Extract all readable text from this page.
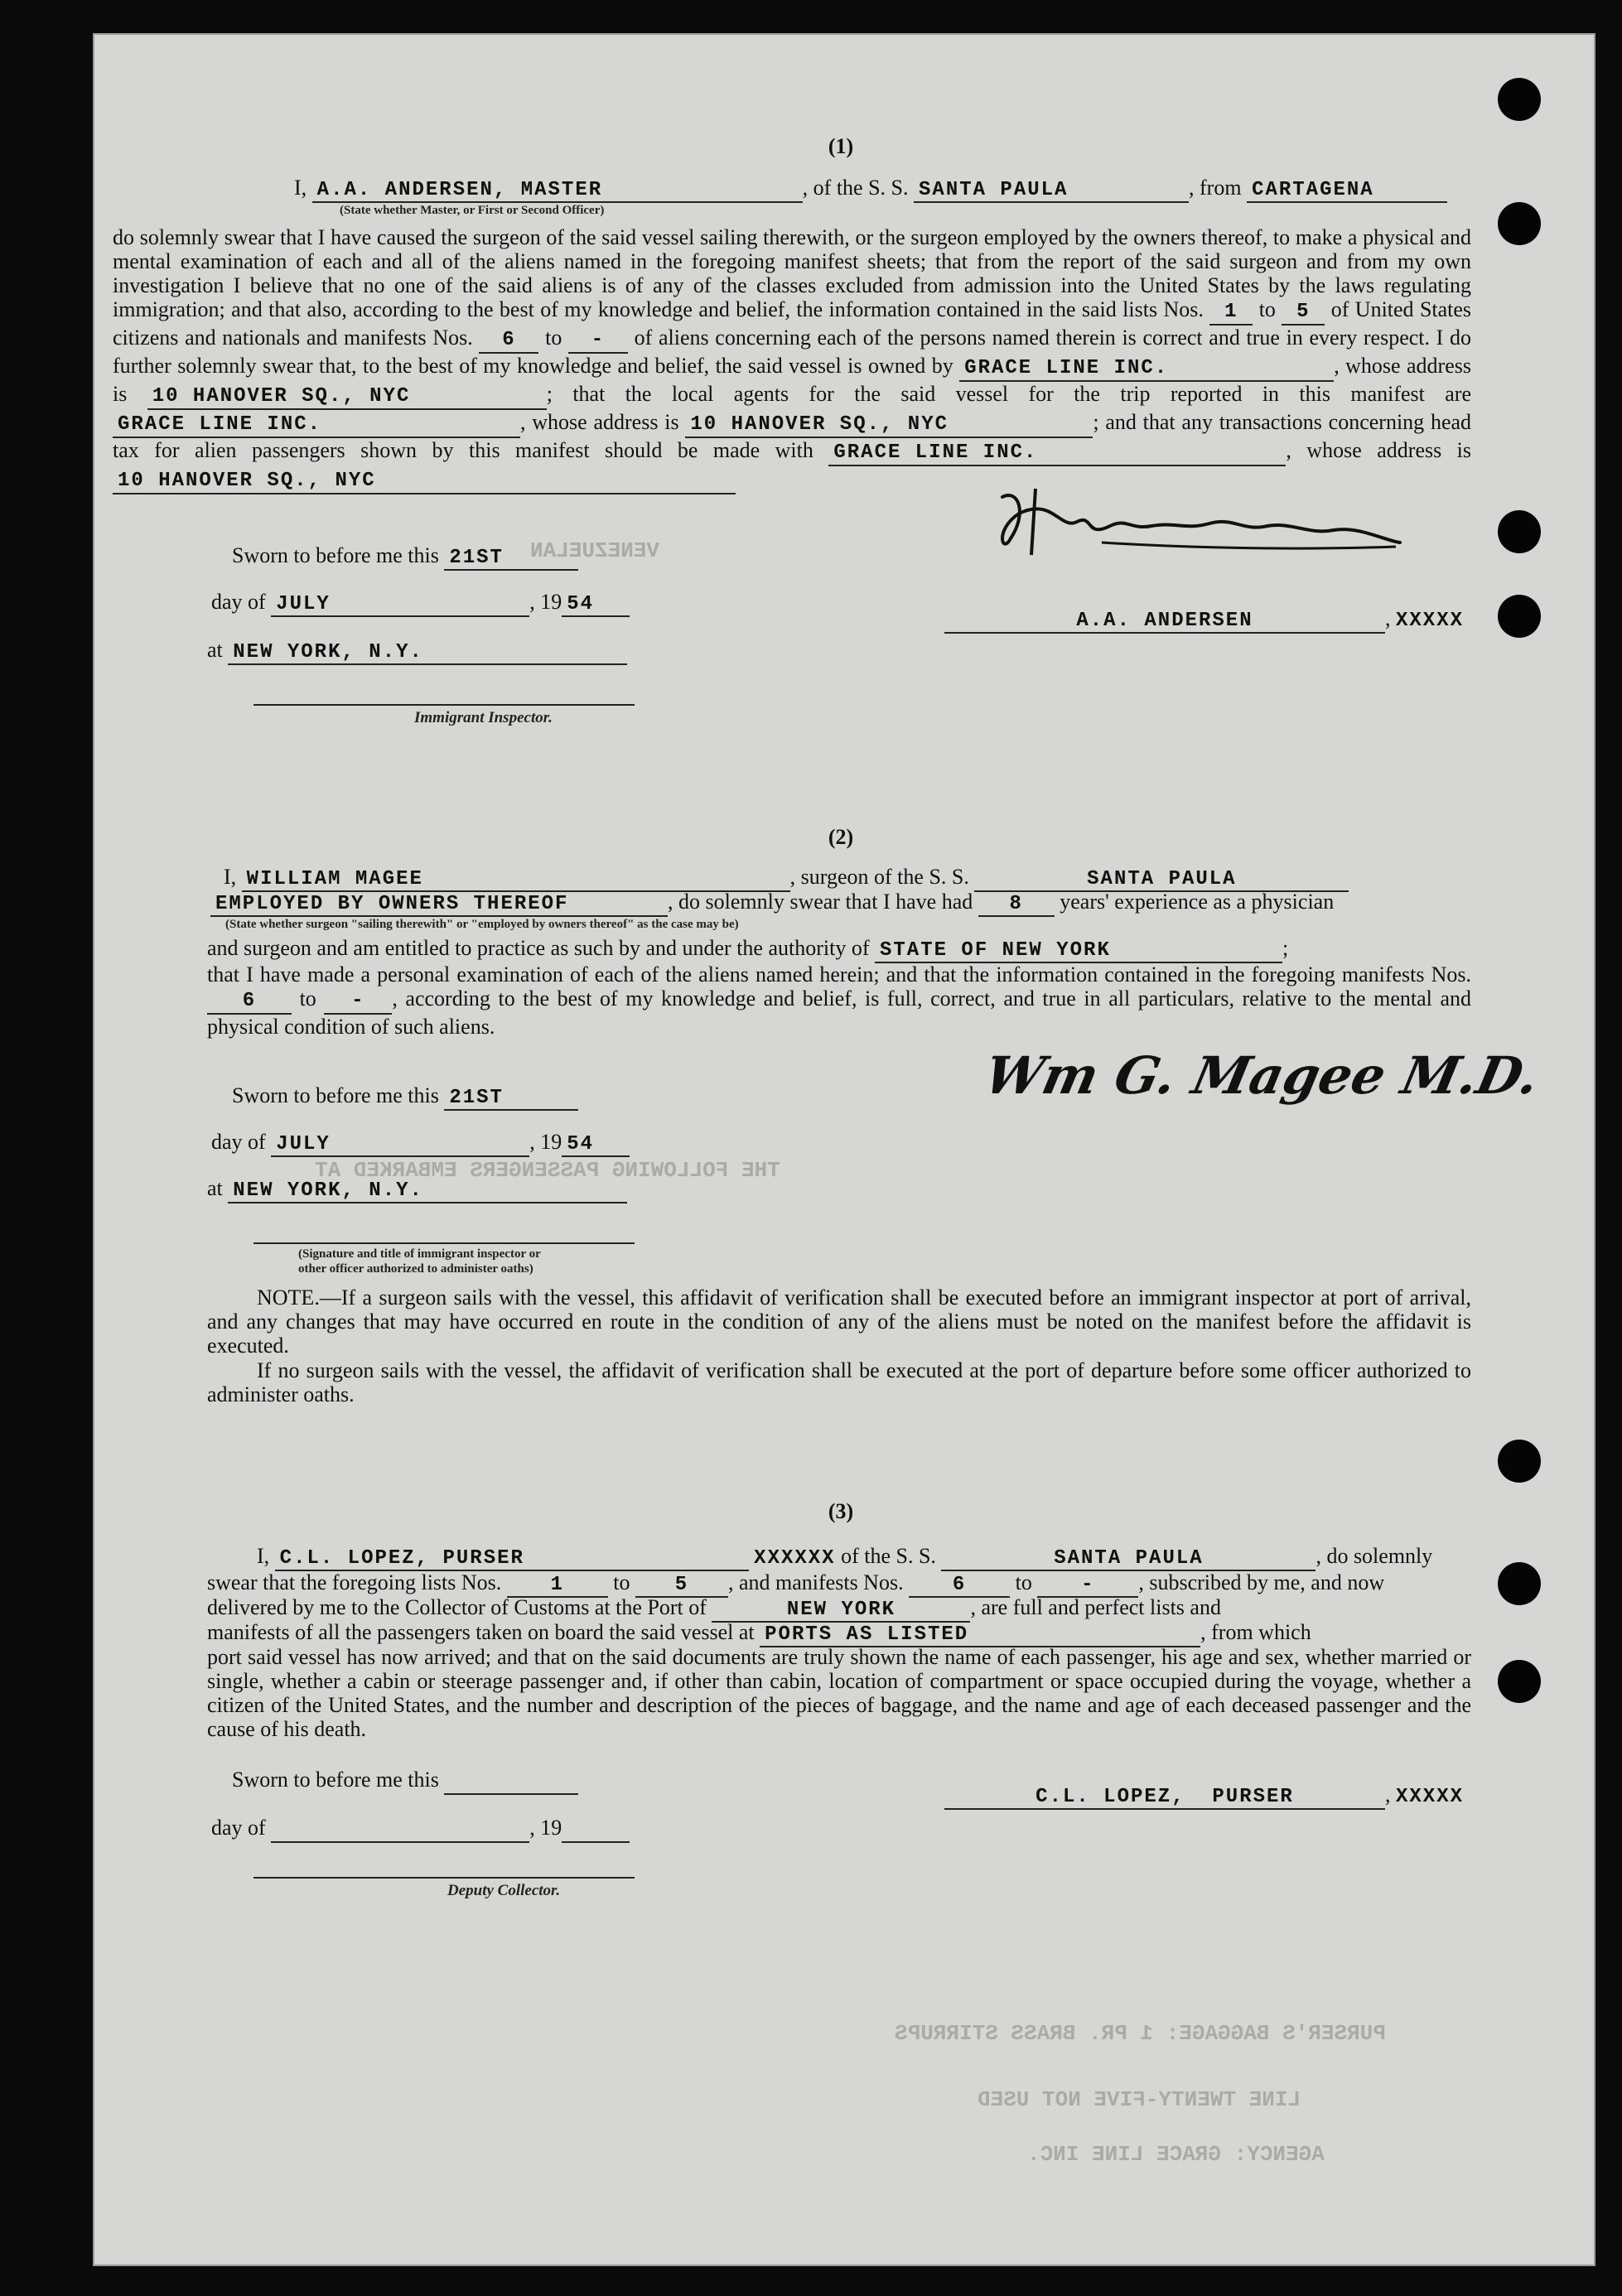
VENEZUELAN
THE FOLLOWING PASSENGERS EMBARKED AT
PURSER'S BAGGAGE: 1 PR. BRASS STIRRUPS
LINE TWENTY-FIVE NOT USED
AGENCY: GRACE LINE INC.
(1)
I, A.A. ANDERSEN, MASTER	, of the S. S. SANTA PAULA	, from CARTAGENA
(State whether Master, or First or Second Officer)

do solemnly swear that I have caused the surgeon of the said vessel sailing therewith, or the surgeon employed by the owners thereof, to make a physical and mental examination of each and all of the aliens named in the foregoing manifest sheets; that from the report of the said surgeon and from my own investigation I believe that no one of the said aliens is of any of the classes excluded from admission into the United States by the laws regulating immigration; and that also, according to the best of my knowledge and belief, the information contained in the said lists Nos. 1 to 5 of United States citizens and nationals and manifests Nos. 6 to - of aliens concerning each of the persons named therein is correct and true in every respect. I do further solemnly swear that, to the best of my knowledge and belief, the said vessel is owned by GRACE LINE INC.	, whose address is 10 HANOVER SQ., NYC	; that the local agents for the said vessel for the trip reported in this manifest are GRACE LINE INC.	, whose address is 10 HANOVER SQ., NYC	; and that any transactions concerning head tax for alien passengers shown by this manifest should be made with GRACE LINE INC.	, whose address is 10 HANOVER SQ., NYC

Sworn to before me this 21ST
day of JULY	, 19 54
at NEW YORK, N.Y.
Immigrant Inspector.
A.A. ANDERSEN	, XXXXX
(2)
I, WILLIAM MAGEE	, surgeon of the S. S.	SANTA PAULA
EMPLOYED BY OWNERS THEREOF	, do solemnly swear that I have had 8 years' experience as a physician
(State whether surgeon "sailing therewith" or "employed by owners thereof" as the case may be)
and surgeon and am entitled to practice as such by and under the authority of STATE OF NEW YORK	;

that I have made a personal examination of each of the aliens named herein; and that the information contained in the foregoing manifests Nos. 6 to - , according to the best of my knowledge and belief, is full, correct, and true in all particulars, relative to the mental and physical condition of such aliens.

Sworn to before me this 21ST
day of JULY	, 19 54
at NEW YORK, N.Y.
(Signature and title of immigrant inspector or
other officer authorized to administer oaths)
Wm G. Magee M.D.

NOTE.—If a surgeon sails with the vessel, this affidavit of verification shall be executed before an immigrant inspector at port of arrival, and any changes that may have occurred en route in the condition of any of the aliens must be noted on the manifest before the affidavit is executed.

If no surgeon sails with the vessel, the affidavit of verification shall be executed at the port of departure before some officer authorized to administer oaths.

(3)
I, C.L. LOPEZ, PURSER	XXXXXX of the S. S.	SANTA PAULA	, do solemnly
swear that the foregoing lists Nos. 1 to 5 , and manifests Nos. 6 to - , subscribed by me, and now
delivered by me to the Collector of Customs at the Port of	NEW YORK	, are full and perfect lists and
manifests of all the passengers taken on board the said vessel at PORTS AS LISTED	, from which

port said vessel has now arrived; and that on the said documents are truly shown the name of each passenger, his age and sex, whether married or single, whether a cabin or steerage passenger and, if other than cabin, location of compartment or space occupied during the voyage, whether a citizen of the United States, and the number and description of the pieces of baggage, and the name and age of each deceased passenger and the cause of his death.

Sworn to before me this
day of	, 19
Deputy Collector.
C.L. LOPEZ,  PURSER	, XXXXX
